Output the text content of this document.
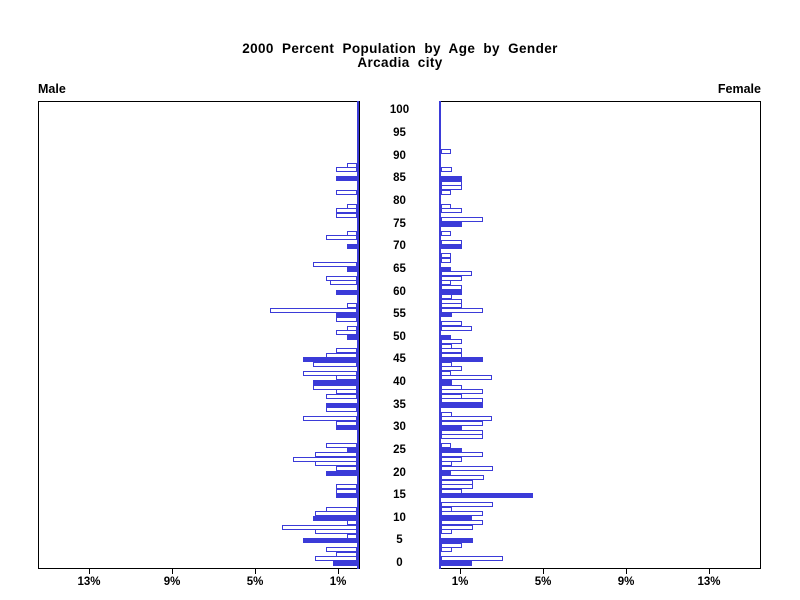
2000 Percent Population by Age by Gender
Arcadia city
Male	Female
0
5
10
15
20
25
30
35
40
45
50
55
60
65
70
75
80
85
90
95
100
1%	1%
5%	5%
9%	9%
13%	13%
